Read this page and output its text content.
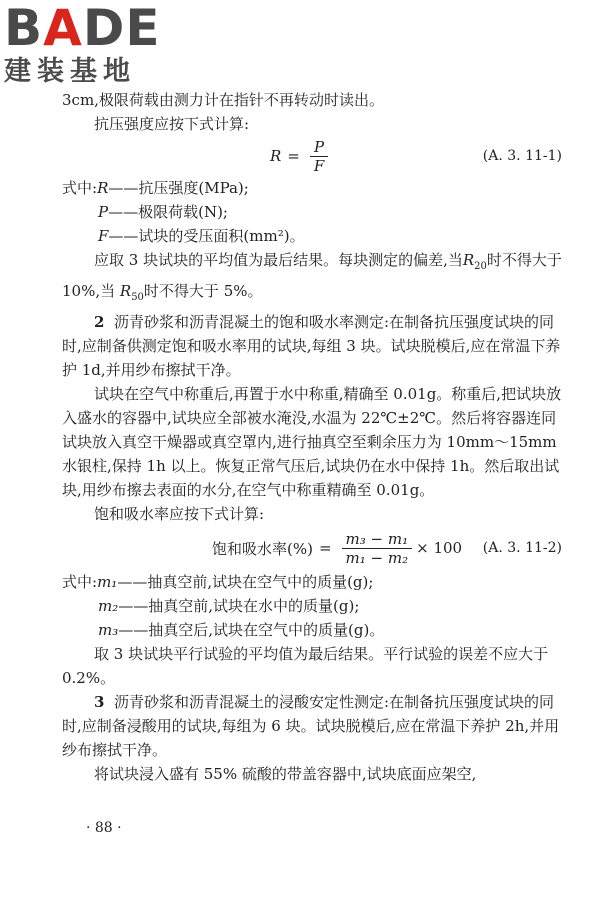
BADE
建装基地

3cm,极限荷载由测力计在指针不再转动时读出。

抗压强度应按下式计算:

$R = \frac{P}{F}$	(A. 3. 11-1)

式中:R——抗压强度(MPa);

P——极限荷载(N);

F——试块的受压面积(mm²)。

应取 3 块试块的平均值为最后结果。每块测定的偏差,当$R_{20}$时不得大于 10%,当 $R_{50}$时不得大于 5%。

2 沥青砂浆和沥青混凝土的饱和吸水率测定:在制备抗压强度试块的同时,应制备供测定饱和吸水率用的试块,每组 3 块。试块脱模后,应在常温下养护 1d,并用纱布擦拭干净。

试块在空气中称重后,再置于水中称重,精确至 0.01g。称重后,把试块放入盛水的容器中,试块应全部被水淹没,水温为 22℃±2℃。然后将容器连同试块放入真空干燥器或真空罩内,进行抽真空至剩余压力为 10mm～15mm 水银柱,保持 1h 以上。恢复正常气压后,试块仍在水中保持 1h。然后取出试块,用纱布擦去表面的水分,在空气中称重精确至 0.01g。

饱和吸水率应按下式计算:

饱和吸水率(%) = $\frac{\text{m₃ − m₁}}{\text{m₁ − m₂}} \times 100$ (A. 3. 11-2)

式中:m₁——抽真空前,试块在空气中的质量(g);

m₂——抽真空前,试块在水中的质量(g);

m₃——抽真空后,试块在空气中的质量(g)。

取 3 块试块平行试验的平均值为最后结果。平行试验的误差不应大于 0.2%。

3 沥青砂浆和沥青混凝土的浸酸安定性测定:在制备抗压强度试块的同时,应制备浸酸用的试块,每组为 6 块。试块脱模后,应在常温下养护 2h,并用纱布擦拭干净。

将试块浸入盛有 55% 硫酸的带盖容器中,试块底面应架空,

· 88 ·
